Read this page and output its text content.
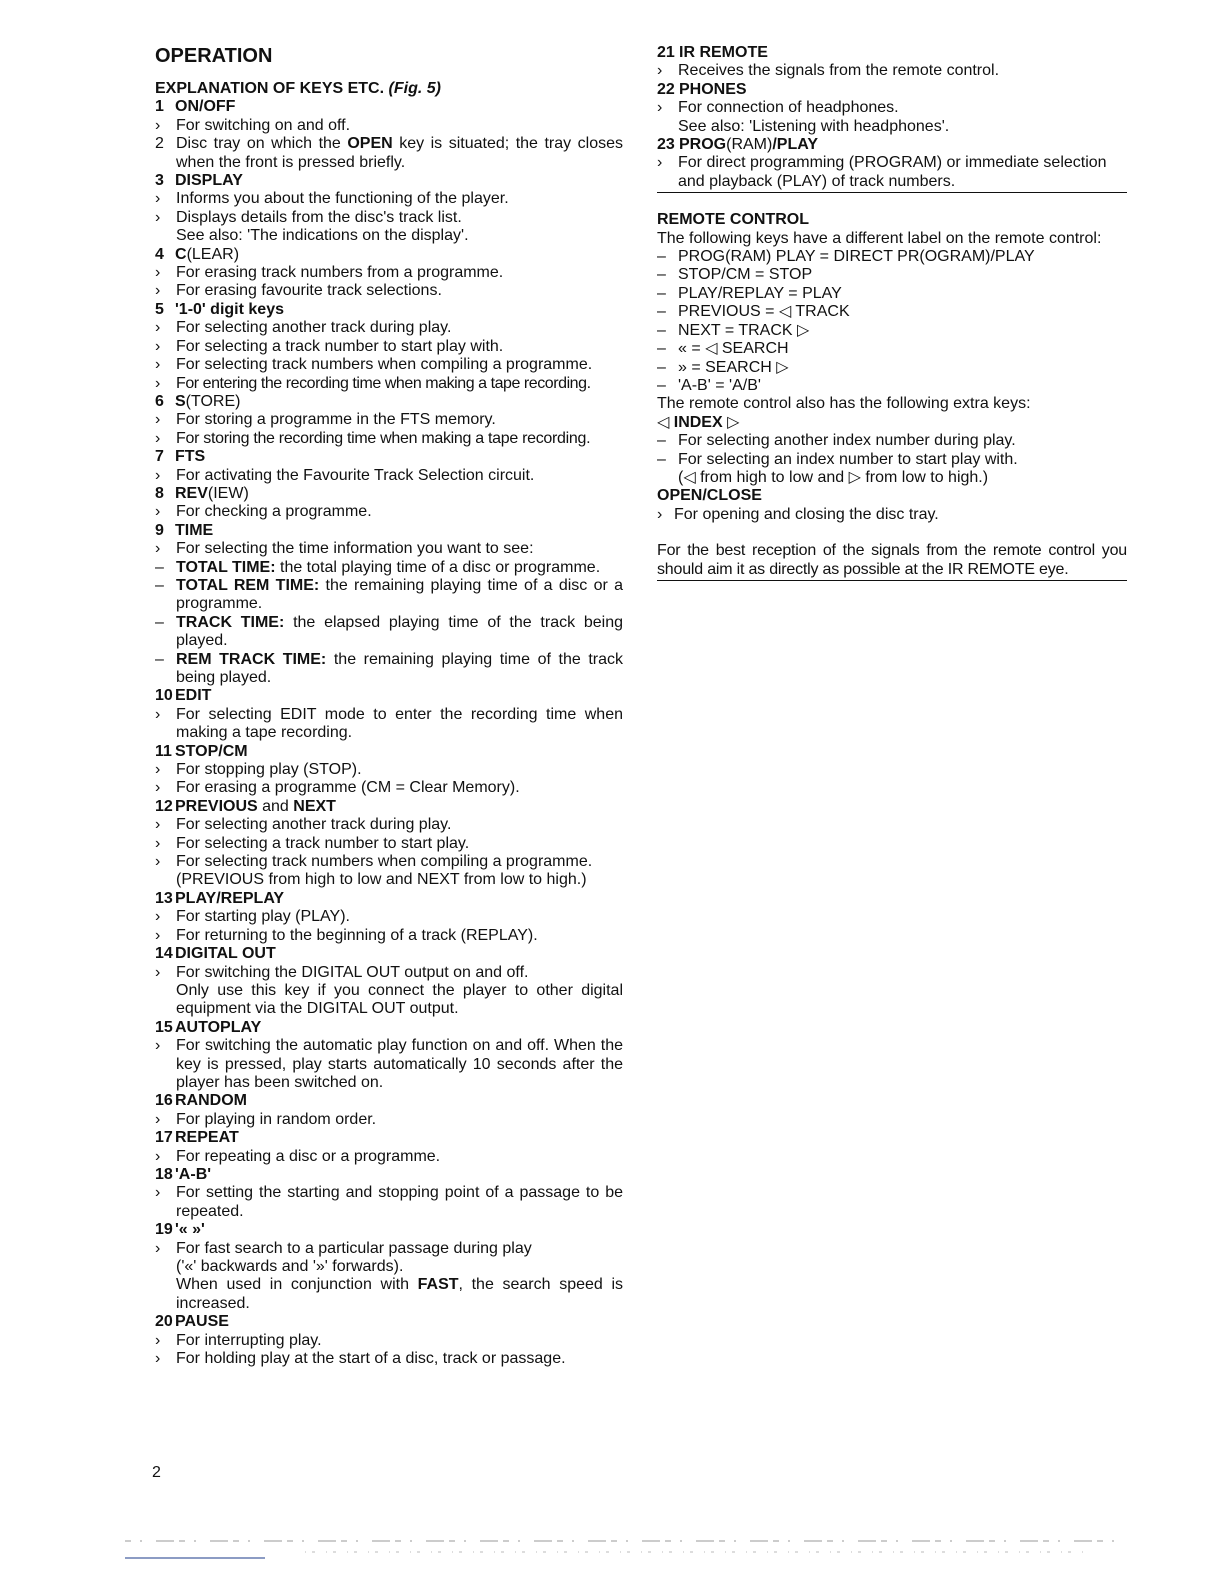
OPERATION
EXPLANATION OF KEYS ETC. (Fig. 5)
1 ON/OFF
› For switching on and off.
2 Disc tray on which the OPEN key is situated; the tray closes when the front is pressed briefly.
3 DISPLAY
› Informs you about the functioning of the player.
› Displays details from the disc's track list.
See also: 'The indications on the display'.
4 C(LEAR)
› For erasing track numbers from a programme.
› For erasing favourite track selections.
5 '1-0' digit keys
› For selecting another track during play.
› For selecting a track number to start play with.
› For selecting track numbers when compiling a programme.
› For entering the recording time when making a tape recording.
6 S(TORE)
› For storing a programme in the FTS memory.
› For storing the recording time when making a tape recording.
7 FTS
› For activating the Favourite Track Selection circuit.
8 REV(IEW)
› For checking a programme.
9 TIME
› For selecting the time information you want to see:
– TOTAL TIME: the total playing time of a disc or programme.
– TOTAL REM TIME: the remaining playing time of a disc or a programme.
– TRACK TIME: the elapsed playing time of the track being played.
– REM TRACK TIME: the remaining playing time of the track being played.
10 EDIT
› For selecting EDIT mode to enter the recording time when making a tape recording.
11 STOP/CM
› For stopping play (STOP).
› For erasing a programme (CM = Clear Memory).
12 PREVIOUS and NEXT
› For selecting another track during play.
› For selecting a track number to start play.
› For selecting track numbers when compiling a programme.
(PREVIOUS from high to low and NEXT from low to high.)
13 PLAY/REPLAY
› For starting play (PLAY).
› For returning to the beginning of a track (REPLAY).
14 DIGITAL OUT
› For switching the DIGITAL OUT output on and off.
Only use this key if you connect the player to other digital equipment via the DIGITAL OUT output.
15 AUTOPLAY
› For switching the automatic play function on and off. When the key is pressed, play starts automatically 10 seconds after the player has been switched on.
16 RANDOM
› For playing in random order.
17 REPEAT
› For repeating a disc or a programme.
18 'A-B'
› For setting the starting and stopping point of a passage to be repeated.
19 '« »'
› For fast search to a particular passage during play
('«' backwards and '»' forwards).
When used in conjunction with FAST, the search speed is increased.
20 PAUSE
› For interrupting play.
› For holding play at the start of a disc, track or passage.
21 IR REMOTE
› Receives the signals from the remote control.
22 PHONES
› For connection of headphones.
See also: 'Listening with headphones'.
23 PROG(RAM)/PLAY
› For direct programming (PROGRAM) or immediate selection and playback (PLAY) of track numbers.
REMOTE CONTROL
The following keys have a different label on the remote control:
– PROG(RAM) PLAY = DIRECT PR(OGRAM)/PLAY
– STOP/CM = STOP
– PLAY/REPLAY = PLAY
– PREVIOUS = ◁ TRACK
– NEXT = TRACK ▷
– « = ◁ SEARCH
– » = SEARCH ▷
– 'A-B' = 'A/B'
The remote control also has the following extra keys:
◁ INDEX ▷
– For selecting another index number during play.
– For selecting an index number to start play with.
(◁ from high to low and ▷ from low to high.)
OPEN/CLOSE
› For opening and closing the disc tray.
For the best reception of the signals from the remote control you should aim it as directly as possible at the IR REMOTE eye.
2
